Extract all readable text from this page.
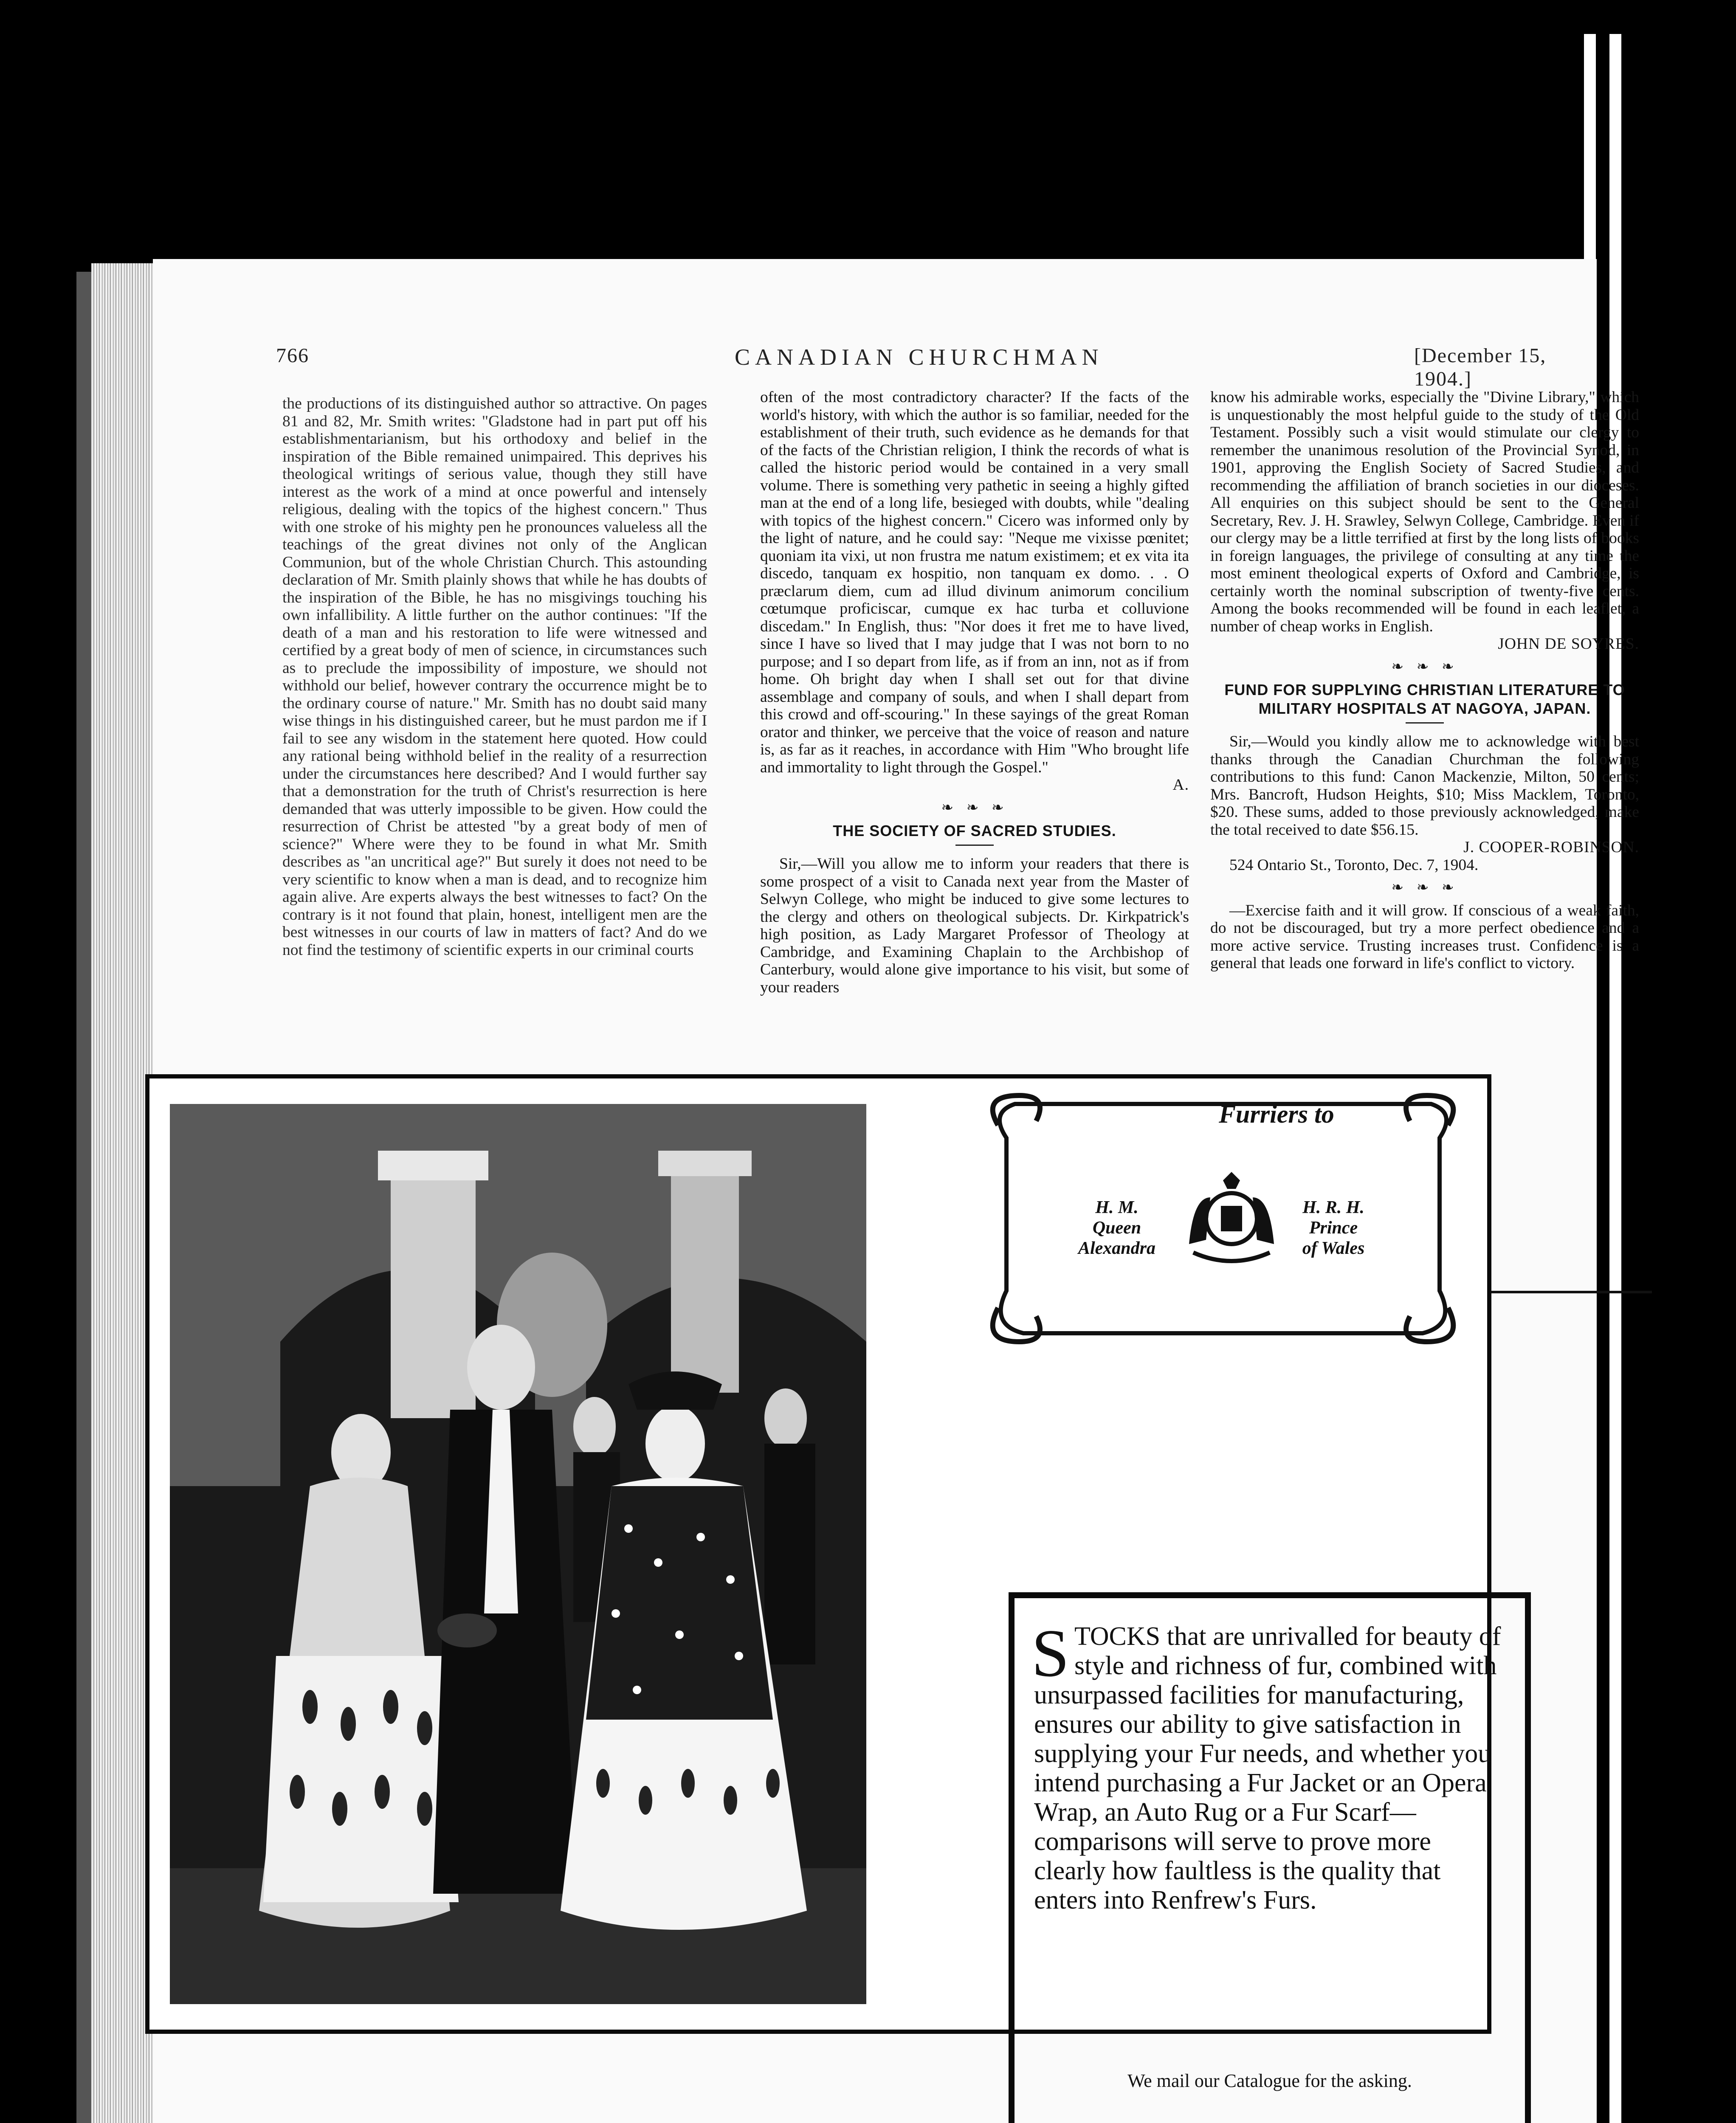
766	CANADIAN CHURCHMAN	[December 15, 1904.]

the productions of its distinguished author so attractive. On pages 81 and 82, Mr. Smith writes: "Gladstone had in part put off his establishmentarianism, but his orthodoxy and belief in the inspiration of the Bible remained unimpaired. This deprives his theological writings of serious value, though they still have interest as the work of a mind at once powerful and intensely religious, dealing with the topics of the highest concern." Thus with one stroke of his mighty pen he pronounces valueless all the teachings of the great divines not only of the Anglican Communion, but of the whole Christian Church. This astounding declaration of Mr. Smith plainly shows that while he has doubts of the inspiration of the Bible, he has no misgivings touching his own infallibility. A little further on the author continues: "If the death of a man and his restoration to life were witnessed and certified by a great body of men of science, in circumstances such as to preclude the impossibility of imposture, we should not withhold our belief, however contrary the occurrence might be to the ordinary course of nature." Mr. Smith has no doubt said many wise things in his distinguished career, but he must pardon me if I fail to see any wisdom in the statement here quoted. How could any rational being withhold belief in the reality of a resurrection under the circumstances here described? And I would further say that a demonstration for the truth of Christ's resurrection is here demanded that was utterly impossible to be given. How could the resurrection of Christ be attested "by a great body of men of science?" Where were they to be found in what Mr. Smith describes as "an uncritical age?" But surely it does not need to be very scientific to know when a man is dead, and to recognize him again alive. Are experts always the best witnesses to fact? On the contrary is it not found that plain, honest, intelligent men are the best witnesses in our courts of law in matters of fact? And do we not find the testimony of scientific experts in our criminal courts

often of the most contradictory character? If the facts of the world's history, with which the author is so familiar, needed for the establishment of their truth, such evidence as he demands for that of the facts of the Christian religion, I think the records of what is called the historic period would be contained in a very small volume. There is something very pathetic in seeing a highly gifted man at the end of a long life, besieged with doubts, while "dealing with topics of the highest concern." Cicero was informed only by the light of nature, and he could say: "Neque me vixisse pœnitet; quoniam ita vixi, ut non frustra me natum existimem; et ex vita ita discedo, tanquam ex hospitio, non tanquam ex domo. . . O præclarum diem, cum ad illud divinum animorum concilium cœtumque proficiscar, cumque ex hac turba et colluvione discedam." In English, thus: "Nor does it fret me to have lived, since I have so lived that I may judge that I was not born to no purpose; and I so depart from life, as if from an inn, not as if from home. Oh bright day when I shall set out for that divine assemblage and company of souls, and when I shall depart from this crowd and off-scouring." In these sayings of the great Roman orator and thinker, we perceive that the voice of reason and nature is, as far as it reaches, in accordance with Him "Who brought life and immortality to light through the Gospel."

A.

❧ ❧ ❧
THE SOCIETY OF SACRED STUDIES.

Sir,—Will you allow me to inform your readers that there is some prospect of a visit to Canada next year from the Master of Selwyn College, who might be induced to give some lectures to the clergy and others on theological subjects. Dr. Kirkpatrick's high position, as Lady Margaret Professor of Theology at Cambridge, and Examining Chaplain to the Archbishop of Canterbury, would alone give importance to his visit, but some of your readers

know his admirable works, especially the "Divine Library," which is unquestionably the most helpful guide to the study of the Old Testament. Possibly such a visit would stimulate our clergy to remember the unanimous resolution of the Provincial Synod, in 1901, approving the English Society of Sacred Studies, and recommending the affiliation of branch societies in our dioceses. All enquiries on this subject should be sent to the General Secretary, Rev. J. H. Srawley, Selwyn College, Cambridge. Even if our clergy may be a little terrified at first by the long lists of books in foreign languages, the privilege of consulting at any time the most eminent theological experts of Oxford and Cambridge, is certainly worth the nominal subscription of twenty-five cents. Among the books recommended will be found in each leaflet, a number of cheap works in English.

JOHN DE SOYRES.

❧ ❧ ❧
FUND FOR SUPPLYING CHRISTIAN LITERATURE TO MILITARY HOSPITALS AT NAGOYA, JAPAN.

Sir,—Would you kindly allow me to acknowledge with best thanks through the Canadian Churchman the following contributions to this fund: Canon Mackenzie, Milton, 50 cents; Mrs. Bancroft, Hudson Heights, $10; Miss Macklem, Toronto, $20. These sums, added to those previously acknowledged, make the total received to date $56.15.

J. COOPER-ROBINSON.

524 Ontario St., Toronto, Dec. 7, 1904.

❧ ❧ ❧

—Exercise faith and it will grow. If conscious of a weak faith, do not be discouraged, but try a more perfect obedience and a more active service. Trusting increases trust. Confidence is a general that leads one forward in life's conflict to victory.

Furriers to
H. M.
Queen
Alexandra
H. R. H.
Prince
of Wales
STOCKS that are unrivalled for beauty of style and richness of fur, combined with unsurpassed facilities for manufacturing, ensures our ability to give satisfaction in supplying your Fur needs, and whether you intend purchasing a Fur Jacket or an Opera Wrap, an Auto Rug or a Fur Scarf—comparisons will serve to prove more clearly how faultless is the quality that enters into Renfrew's Furs.
We mail our Catalogue for the asking.
